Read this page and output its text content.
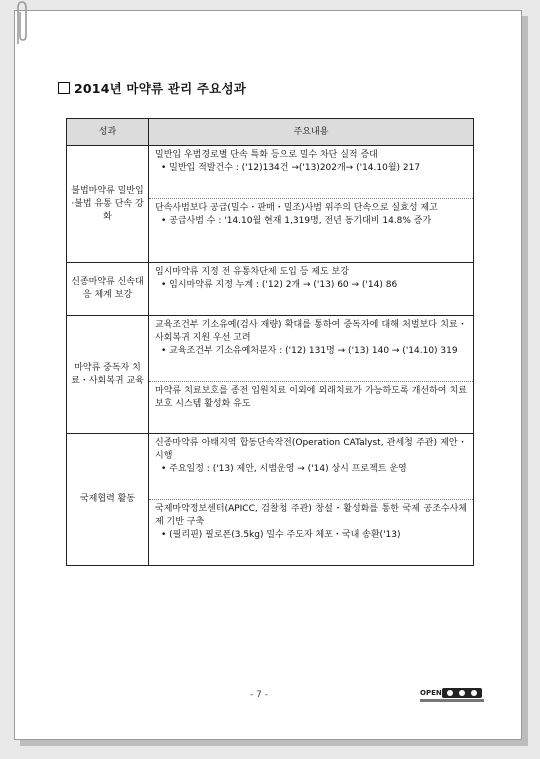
2014년 마약류 관리 주요성과
성과	주요내용
불법마약류 밀반입·불법 유통 단속 강화	밀반입 우범경로별 단속 특화 등으로 밀수 차단 실적 증대
• 밀반입 적발건수 : ('12)134건 →('13)202개→ ('14.10월) 217

	단속사범보다 공급(밀수・판매・밀조)사범 위주의 단속으로 실효성 제고
• 공급사범 수 : '14.10월 현재 1,319명, 전년 동기대비 14.8% 증가

신종마약류 신속대응 체계 보강	임시마약류 지정 전 유통차단제 도입 등 제도 보강
• 임시마약류 지정 누계 : ('12) 2개 → ('13) 60 → ('14) 86

마약류 중독자 치료・사회복귀 교육	교육조건부 기소유예(검사 재량) 확대를 통하여 중독자에 대해 처벌보다 치료・사회복귀 지원 우선 고려
• 교육조건부 기소유예처분자 : ('12) 131명 → ('13) 140 → ('14.10) 319

	마약류 치료보호를 종전 입원치료 이외에 외래치료가 가능하도록 개선하여 치료보호 시스템 활성화 유도

국제협력 활동	신종마약류 아태지역 합동단속작전(Operation CATalyst, 관세청 주관) 제안・시행
• 주요일정 : ('13) 제안, 시범운영 → ('14) 상시 프로젝트 운영

	국제마약정보센터(APICC, 검찰청 주관) 창설・활성화를 통한 국제 공조수사체제 기반 구축
• (필리핀) 필로폰(3.5kg) 밀수 주도자 체포・국내 송환('13)
- 7 -	OPEN
